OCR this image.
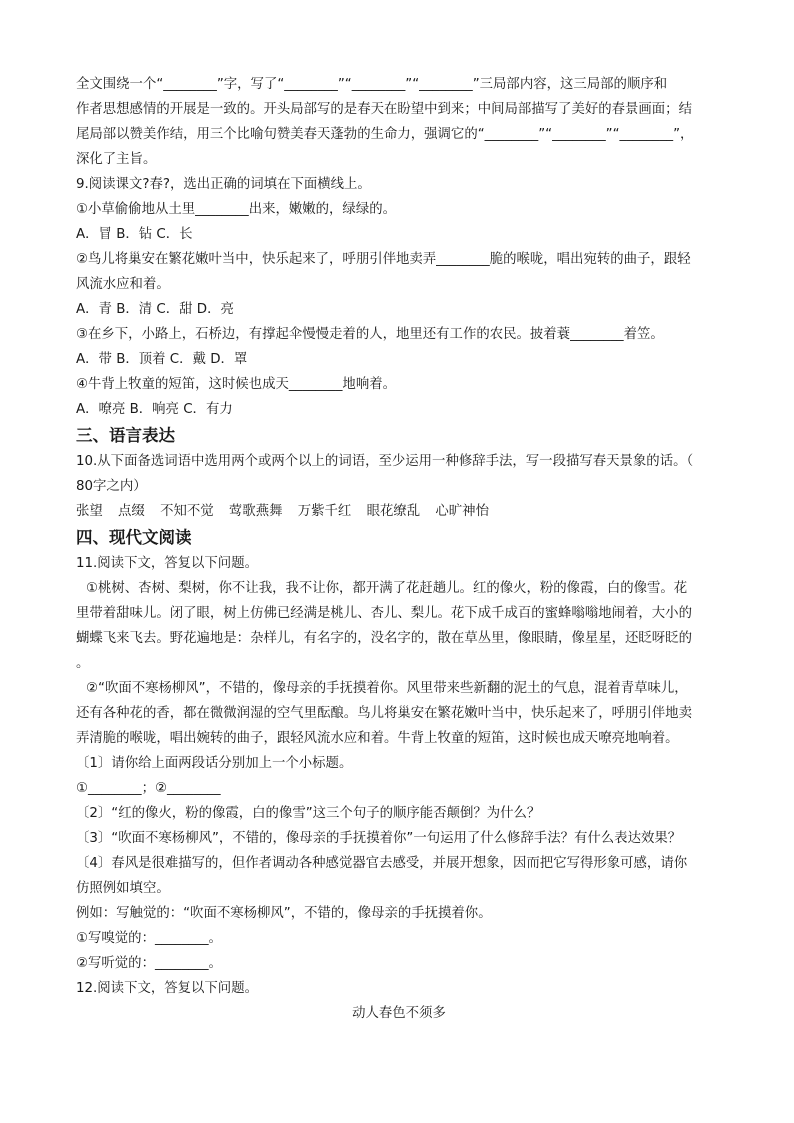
全文围绕一个“________”字，写了“________”“________”“________”三局部内容，这三局部的顺序和

作者思想感情的开展是一致的。开头局部写的是春天在盼望中到来；中间局部描写了美好的春景画面；结

尾局部以赞美作结，用三个比喻句赞美春天蓬勃的生命力，强调它的“________”“________”“________”，

深化了主旨。

9.阅读课文?春?，选出正确的词填在下面横线上。

①小草偷偷地从土里________出来，嫩嫩的，绿绿的。

A．冒 B．钻 C．长

②鸟儿将巢安在繁花嫩叶当中，快乐起来了，呼朋引伴地卖弄________脆的喉咙，唱出宛转的曲子，跟轻

风流水应和着。

A．青 B．清 C．甜 D．亮

③在乡下，小路上，石桥边，有撑起伞慢慢走着的人，地里还有工作的农民。披着蓑________着笠。

A．带 B．顶着 C．戴 D．罩

④牛背上牧童的短笛，这时候也成天________地响着。

A．嘹亮 B．响亮 C．有力

三、语言表达

10.从下面备选词语中选用两个或两个以上的词语，至少运用一种修辞手法，写一段描写春天景象的话。（

80字之内）

张望 点缀 不知不觉 莺歌燕舞 万紫千红 眼花缭乱 心旷神怡

四、现代文阅读

11.阅读下文，答复以下问题。

①桃树、杏树、梨树，你不让我，我不让你，都开满了花赶趟儿。红的像火，粉的像霞，白的像雪。花

里带着甜味儿。闭了眼，树上仿佛已经满是桃儿、杏儿、梨儿。花下成千成百的蜜蜂嗡嗡地闹着，大小的

蝴蝶飞来飞去。野花遍地是：杂样儿，有名字的，没名字的，散在草丛里，像眼睛，像星星，还眨呀眨的

。

②“吹面不寒杨柳风”，不错的，像母亲的手抚摸着你。风里带来些新翻的泥土的气息，混着青草味儿，

还有各种花的香，都在微微润湿的空气里酝酿。鸟儿将巢安在繁花嫩叶当中，快乐起来了，呼朋引伴地卖

弄清脆的喉咙，唱出婉转的曲子，跟轻风流水应和着。牛背上牧童的短笛，这时候也成天嘹亮地响着。

〔1〕请你给上面两段话分别加上一个小标题。

①________；②________

〔2〕“红的像火，粉的像霞，白的像雪”这三个句子的顺序能否颠倒？为什么？

〔3〕“吹面不寒杨柳风”，不错的，像母亲的手抚摸着你”一句运用了什么修辞手法？有什么表达效果？

〔4〕春风是很难描写的，但作者调动各种感觉器官去感受，并展开想象，因而把它写得形象可感，请你

仿照例如填空。

例如：写触觉的：“吹面不寒杨柳风”，不错的，像母亲的手抚摸着你。

①写嗅觉的：________。

②写听觉的：________。

12.阅读下文，答复以下问题。

动人春色不须多
